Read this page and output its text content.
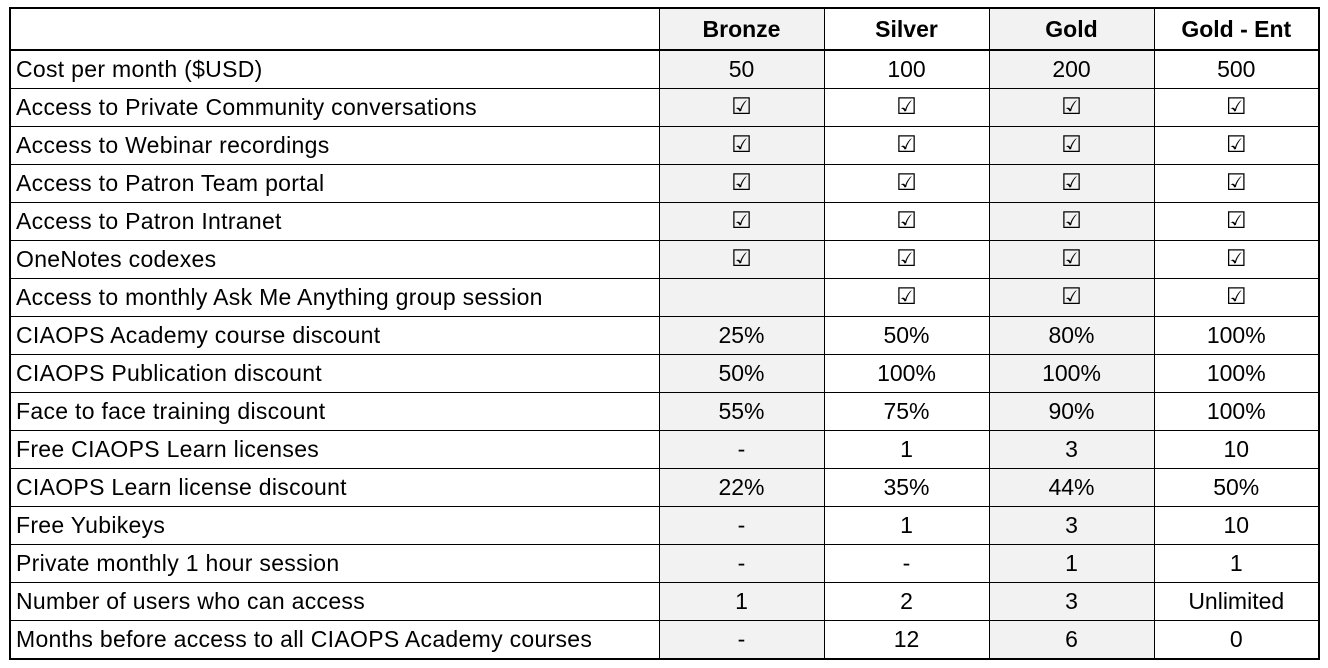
	Bronze	Silver	Gold	Gold - Ent
Cost per month ($USD)	50	100	200	500
Access to Private Community conversations	☑	☑	☑	☑
Access to Webinar recordings	☑	☑	☑	☑
Access to Patron Team portal	☑	☑	☑	☑
Access to Patron Intranet	☑	☑	☑	☑
OneNotes codexes	☑	☑	☑	☑
Access to monthly Ask Me Anything group session		☑	☑	☑
CIAOPS Academy course discount	25%	50%	80%	100%
CIAOPS Publication discount	50%	100%	100%	100%
Face to face training discount	55%	75%	90%	100%
Free CIAOPS Learn licenses	-	1	3	10
CIAOPS Learn license discount	22%	35%	44%	50%
Free Yubikeys	-	1	3	10
Private monthly 1 hour session	-	-	1	1
Number of users who can access	1	2	3	Unlimited
Months before access to all CIAOPS Academy courses	-	12	6	0
